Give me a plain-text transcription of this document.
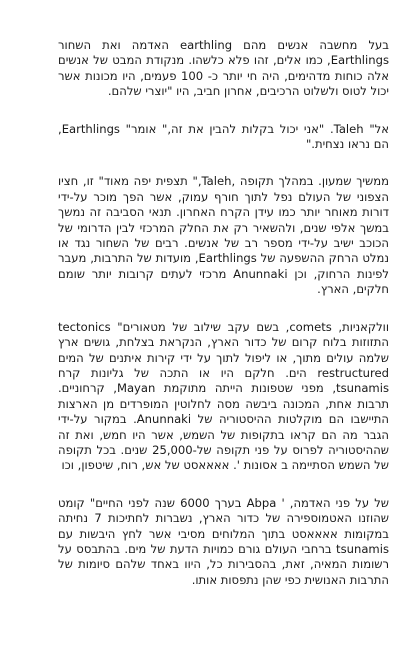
בעל מחשבה אנשים מהם earthling האדמה ואת השחור Earthlings, כמו אלים, זהו פלא כלשהו. מנקודת המבט של אנשים אלה כוחות מדהימים, היה חי יותר כ- 100 פעמים, היו מכונות אשר יכול לטוס ולשלוט הרכיבים, אחרון חביב, היו "יוצרי שלהם.

אל" Taleh. "אני יכול בקלות להבין את זה," אומר" Earthlings, הם נראו נצחית."

ממשיך שמעון. במהלך תקופה ,Taleh," תצפית יפה מאוד" זו, חציו הצפוני של העולם נפל לתוך חורף עמוק, אשר הפך מוכר על-ידי דורות מאוחר יותר כמו עידן הקרח האחרון. תנאי הסביבה זה נמשך במשך אלפי שנים, ולהשאיר רק את החלק המרכזי לבין הדרומי של הכוכב ישיב על-ידי מספר רב של אנשים. רבים של השחור נגד או נמלט הרחק ההשפעה של Earthlings, מועדות של התרבות, מעבר לפינות הרחוק, וכן Anunnaki מרכזי לעתים קרובות יותר שומם חלקים, הארץ.

וולקאניות, comets, בשם עקב שילוב של מטאורים" tectonics התזוזות בלוח קרום של כדור הארץ, הנקראת בצלחת, גושים ארץ שלמה עולים מתוך, או ליפול לתוך על ידי קירות איתנים של המים restructured הים. חלקם היו או התכה של גליונות קרח tsunamis, מפני שטפונות הייתה מתוקמת Mayan, קרחוניים. תרבות אחת, המכונה ביבשה מסה לחלוטין המופרדים מן הארצות התיישבו הם מוקלטות ההיסטוריה של Anunnaki. במקור על-ידי הגבר מה הם קראו בתקופות של השמש, אשר היו חמש, ואת זה שההיסטוריה לפרוס על פני תקופה של-25,000 שנים. בכל תקופה של השמש הסתיימה ב אסונות '. אאאאסט של אש, רוח, שיטפון, וכו

של על פני האדמה, ' Abpa בערך 6000 שנה לפני החיים" קומט שהוזנו האטמוספירה של כדור הארץ, נשברות לחתיכות 7 נחיתה במקומות אאאאסט בתוך המלוחים מסיבי אשר לחץ היבשות עם tsunamis ברחבי העולם גורם כמויות הדעת של מים. בהתבסס על רשומות המאיה, זאת, בהסבירות כל, היוו באחד שלהם סיומות של התרבות האנושית כפי שהן נתפסות אותו.
